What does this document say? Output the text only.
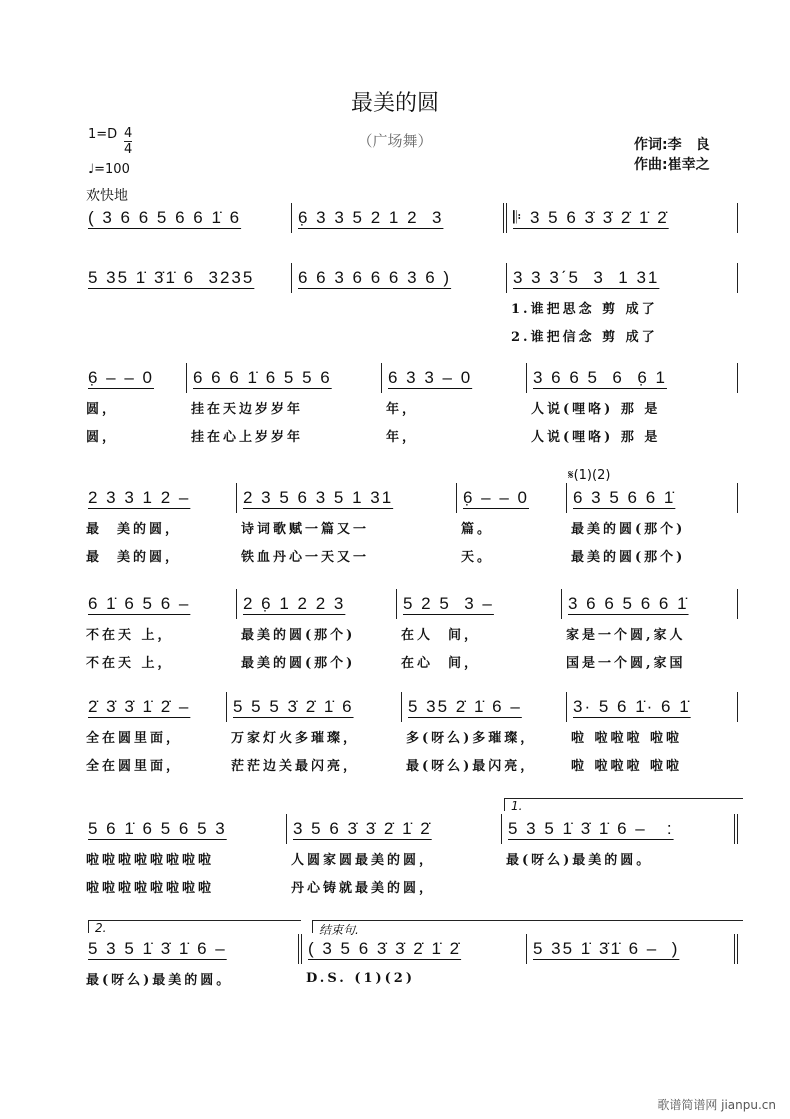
最美的圆
（广场舞）
1=D 4
4
♩=100
欢快地
作词:李　良
作曲:崔幸之
𝄋(1)(2)
( 3 6 6 5 6 6 1̇ 6	6̣ 3 3 5 2 1 2  3	𝄆 3 5 6 3̇ 3̇ 2̇ 1̇ 2̇
5 35 1̇ 3̇1̇ 6  3235	6 6 3 6 6 6 3 6 )	3 3 3ˊ5  3  1 31
1.谁把思念 剪 成了
2.谁把信念 剪 成了
6̣ – – 0	6 6 6 1̇ 6 5 5 6	6 3 3 – 0	3 6 6 5  6  6̣ 1
圆，	挂在天边岁岁年	年，	人说(哩咯) 那 是
圆，	挂在心上岁岁年	年，	人说(哩咯) 那 是
2 3 3 1 2 –	2 3 5 6 3 5 1 31	6̣ – – 0	6 3 5 6 6 1̇
最  美的圆，	诗词歌赋一篇又一	篇。	最美的圆(那个)
最  美的圆，	铁血丹心一天又一	天。	最美的圆(那个)
6 1̇ 6 5 6 –	2 6̣ 1 2 2 3	5 2 5  3 –	3 6 6 5 6 6 1̇
不在天 上，	最美的圆(那个)	在人  间，	家是一个圆,家人
不在天 上，	最美的圆(那个)	在心  间，	国是一个圆,家国
2̇ 3̇ 3̇ 1̇ 2̇ –	5 5 5 3̇ 2̇ 1̇ 6	5 35 2̇ 1̇ 6 –	3· 5 6 1̇· 6 1̇
全在圆里面，	万家灯火多璀璨，	多(呀么)多璀璨，	啦 啦啦啦 啦啦
全在圆里面，	茫茫边关最闪亮，	最(呀么)最闪亮，	啦 啦啦啦 啦啦
5 6 1̇ 6 5 6 5 3	3 5 6 3̇ 3̇ 2̇ 1̇ 2̇	5 3 5 1̇ 3̇ 1̇ 6 –   :
啦啦啦啦啦啦啦啦	人圆家圆最美的圆，	最(呀么)最美的圆。
啦啦啦啦啦啦啦啦	丹心铸就最美的圆，
5 3 5 1̇ 3̇ 1̇ 6 –	( 3 5 6 3̇ 3̇ 2̇ 1̇ 2̇	5 35 1̇ 3̇1̇ 6 –  )
最(呀么)最美的圆。	D.S. (1)(2)
1.
2.	结束句.
歌谱简谱网 jianpu.cn
